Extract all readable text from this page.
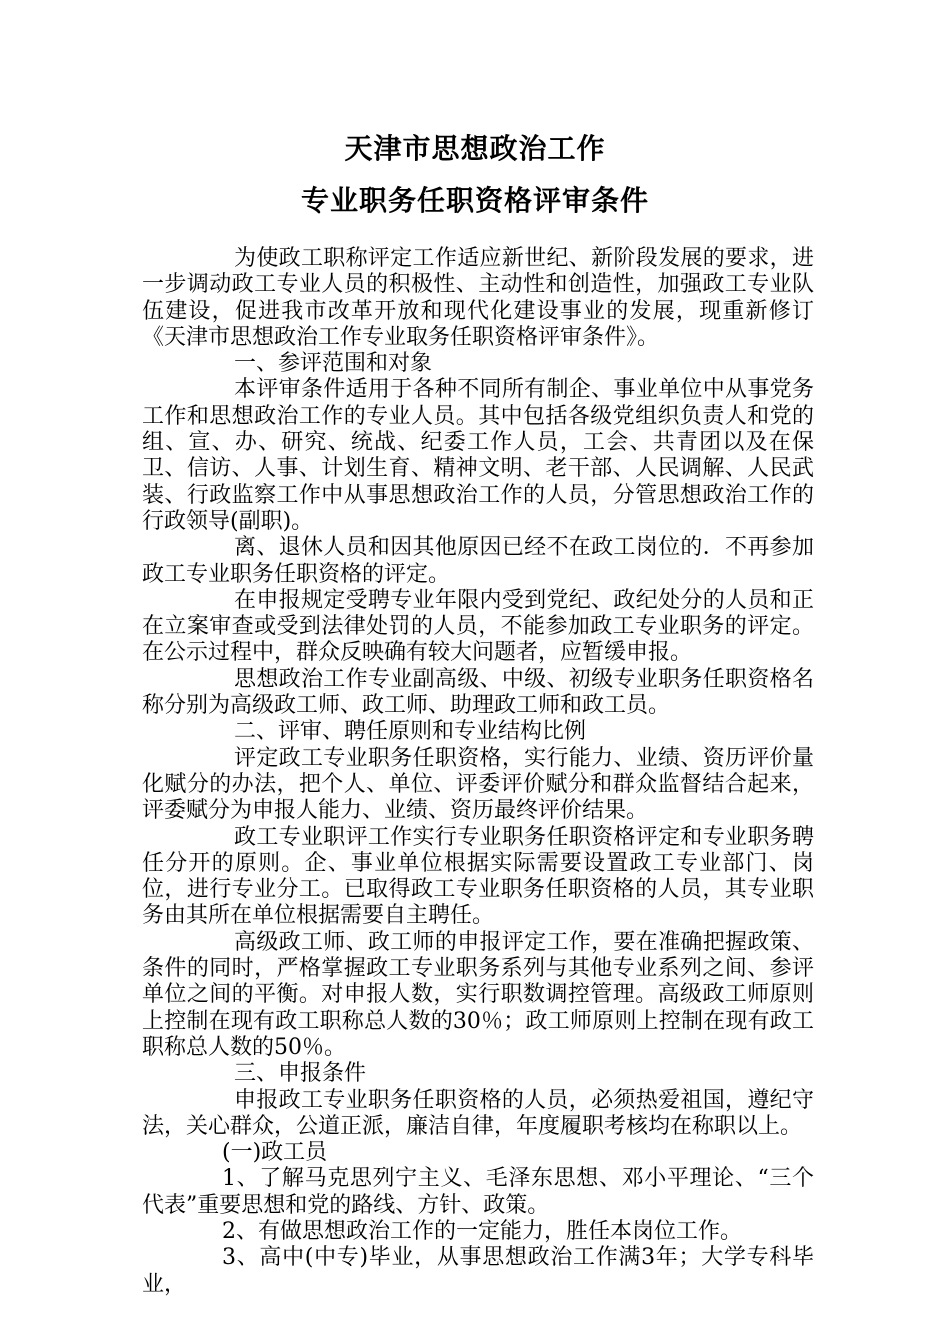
天津市思想政治工作
专业职务任职资格评审条件

为使政工职称评定工作适应新世纪、新阶段发展的要求，进一步调动政工专业人员的积极性、主动性和创造性，加强政工专业队伍建设，促进我市改革开放和现代化建设事业的发展，现重新修订《天津市思想政治工作专业取务任职资格评审条件》。

一、参评范围和对象

本评审条件适用于各种不同所有制企、事业单位中从事党务工作和思想政治工作的专业人员。其中包括各级党组织负责人和党的组、宣、办、研究、统战、纪委工作人员，工会、共青团以及在保卫、信访、人事、计划生育、精神文明、老干部、人民调解、人民武装、行政监察工作中从事思想政治工作的人员，分管思想政治工作的行政领导(副职)。

离、退休人员和因其他原因已经不在政工岗位的．不再参加政工专业职务任职资格的评定。

在申报规定受聘专业年限内受到党纪、政纪处分的人员和正在立案审查或受到法律处罚的人员，不能参加政工专业职务的评定。在公示过程中，群众反映确有较大问题者，应暂缓申报。

思想政治工作专业副高级、中级、初级专业职务任职资格名称分别为高级政工师、政工师、助理政工师和政工员。

二、评审、聘任原则和专业结构比例

评定政工专业职务任职资格，实行能力、业绩、资历评价量化赋分的办法，把个人、单位、评委评价赋分和群众监督结合起来，评委赋分为申报人能力、业绩、资历最终评价结果。

政工专业职评工作实行专业职务任职资格评定和专业职务聘任分开的原则。企、事业单位根据实际需要设置政工专业部门、岗位，进行专业分工。已取得政工专业职务任职资格的人员，其专业职务由其所在单位根据需要自主聘任。

高级政工师、政工师的申报评定工作，要在准确把握政策、条件的同时，严格掌握政工专业职务系列与其他专业系列之间、参评单位之间的平衡。对申报人数，实行职数调控管理。高级政工师原则上控制在现有政工职称总人数的30％；政工师原则上控制在现有政工职称总人数的50％。

三、申报条件

申报政工专业职务任职资格的人员，必须热爱祖国，遵纪守法，关心群众，公道正派，廉洁自律，年度履职考核均在称职以上。

(一)政工员

1、了解马克思列宁主义、毛泽东思想、邓小平理论、“三个代表”重要思想和党的路线、方针、政策。

2、有做思想政治工作的一定能力，胜任本岗位工作。

3、高中(中专)毕业，从事思想政治工作满3年；大学专科毕业，
